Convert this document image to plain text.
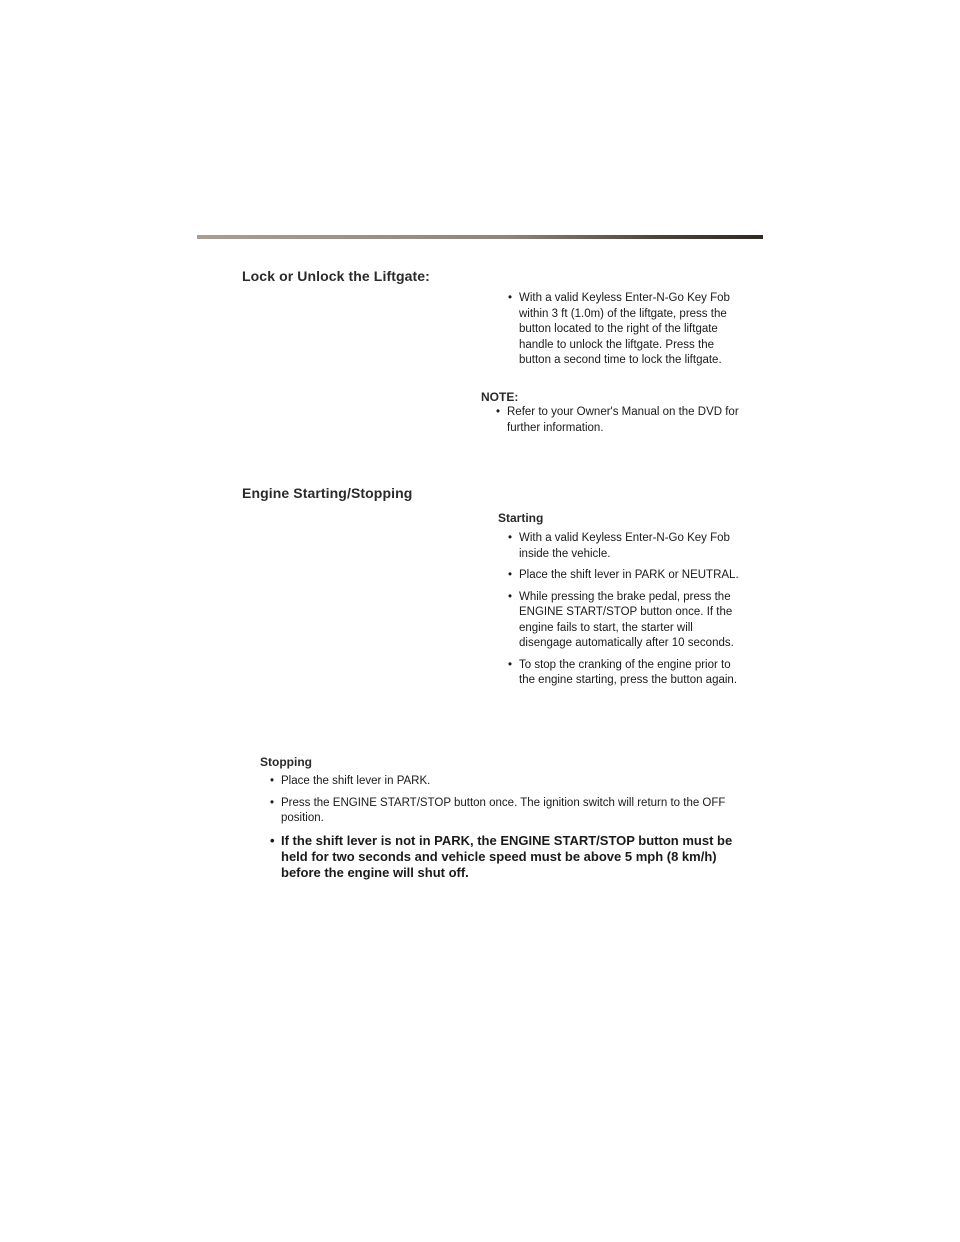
Lock or Unlock the Liftgate:
• With a valid Keyless Enter-N-Go Key Fob within 3 ft (1.0m) of the liftgate, press the button located to the right of the liftgate handle to unlock the liftgate. Press the button a second time to lock the liftgate.

NOTE:

• Refer to your Owner's Manual on the DVD for further information.
Engine Starting/Stopping

Starting

• With a valid Keyless Enter-N-Go Key Fob inside the vehicle.
• Place the shift lever in PARK or NEUTRAL.
• While pressing the brake pedal, press the ENGINE START/STOP button once. If the engine fails to start, the starter will disengage automatically after 10 seconds.
• To stop the cranking of the engine prior to the engine starting, press the button again.

Stopping

• Place the shift lever in PARK.
• Press the ENGINE START/STOP button once. The ignition switch will return to the OFF position.
• If the shift lever is not in PARK, the ENGINE START/STOP button must be held for two seconds and vehicle speed must be above 5 mph (8 km/h) before the engine will shut off.
